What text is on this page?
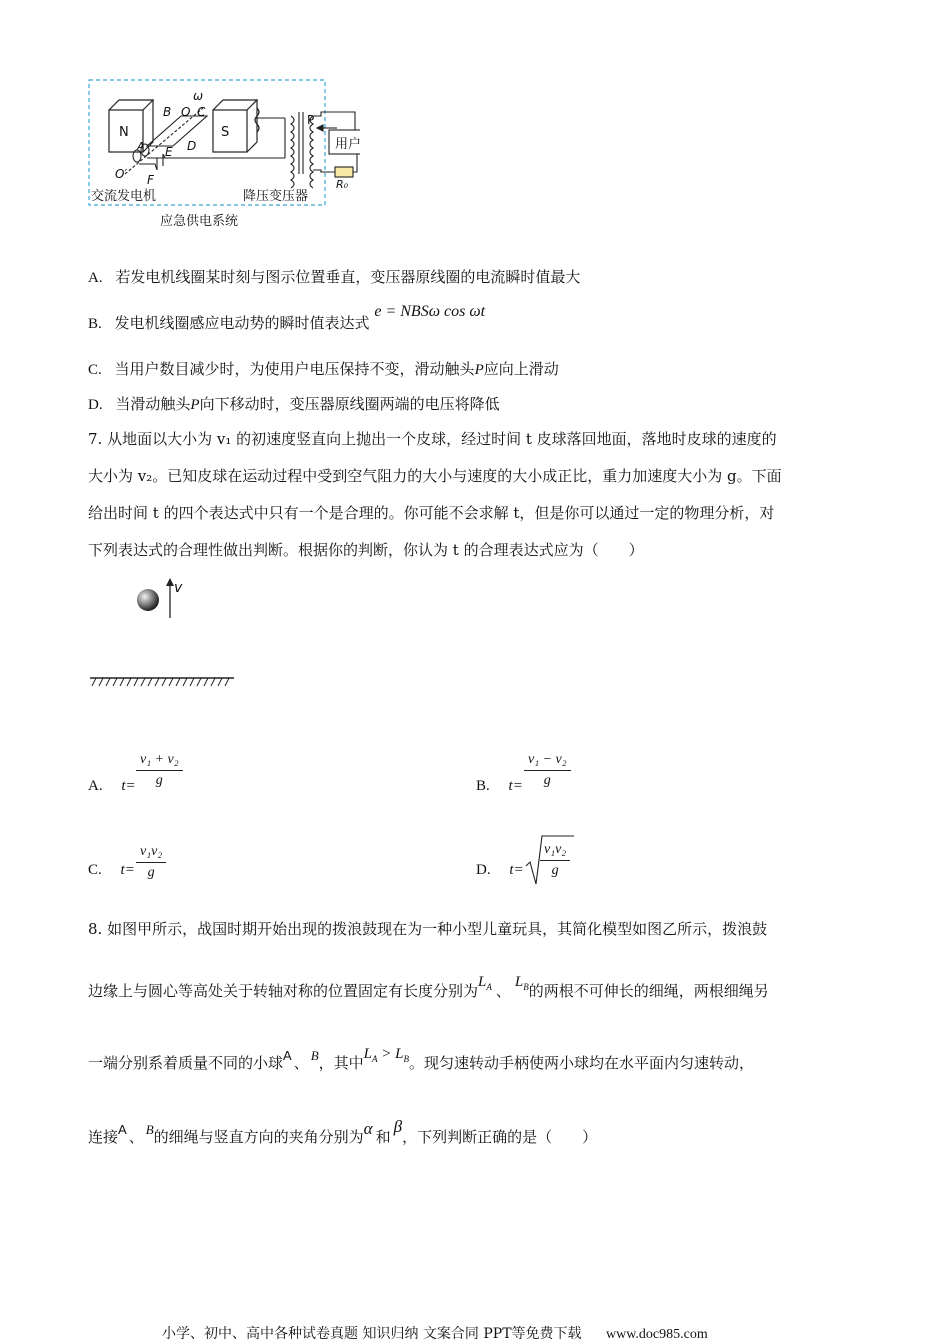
N	S
B O
ω
C
A E D
F
O′
P
用户
R₀
交流发电机	降压变压器
应急供电系统
A. 若发电机线圈某时刻与图示位置垂直，变压器原线圈的电流瞬时值最大
B. 发电机线圈感应电动势的瞬时值表达式 e = NBSω cos ωt
C. 当用户数目减少时，为使用户电压保持不变，滑动触头P应向上滑动
D. 当滑动触头P向下移动时，变压器原线圈两端的电压将降低
7. 从地面以大小为 v₁ 的初速度竖直向上抛出一个皮球，经过时间 t 皮球落回地面，落地时皮球的速度的
大小为 v₂。已知皮球在运动过程中受到空气阻力的大小与速度的大小成正比，重力加速度大小为 g。下面
给出时间 t 的四个表达式中只有一个是合理的。你可能不会求解 t，但是你可以通过一定的物理分析，对
下列表达式的合理性做出判断。根据你的判断，你认为 t 的合理表达式应为（　　）
v
A. $t= \frac{\text{v₁ + v₂}}{g}$	B. $t= \frac{\text{v₁ − v₂}}{g}$
C. $t= \frac{\text{v₁v₂}}{g}$	D. $t= \frac{\text{v₁v₂}}{g}$
8. 如图甲所示，战国时期开始出现的拨浪鼓现在为一种小型儿童玩具，其简化模型如图乙所示，拨浪鼓
边缘上与圆心等高处关于转轴对称的位置固定有长度分别为$L_A$ 、 $L_B$的两根不可伸长的细绳，两根细绳另
一端分别系着质量不同的小球A 、 B，其中$L_A > L_B$。现匀速转动手柄使两小球均在水平面内匀速转动，
连接A 、 B的细绳与竖直方向的夹角分别为α 和β，下列判断正确的是（　　）
小学、初中、高中各种试卷真题 知识归纳 文案合同 PPT等免费下载 www.doc985.com
